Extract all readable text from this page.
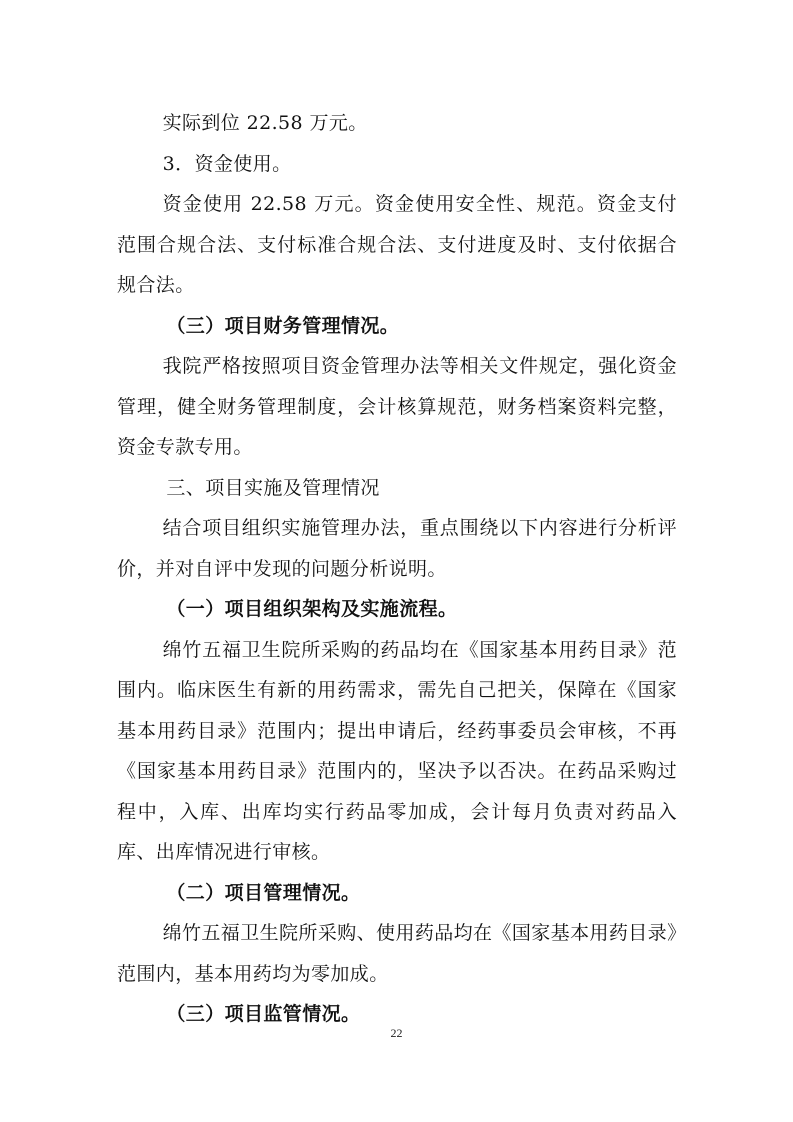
实际到位 22.58 万元。

3．资金使用。

资金使用 22.58 万元。资金使用安全性、规范。资金支付范围合规合法、支付标准合规合法、支付进度及时、支付依据合规合法。

（三）项目财务管理情况。

我院严格按照项目资金管理办法等相关文件规定，强化资金管理，健全财务管理制度，会计核算规范，财务档案资料完整，资金专款专用。

三、项目实施及管理情况

结合项目组织实施管理办法，重点围绕以下内容进行分析评价，并对自评中发现的问题分析说明。

（一）项目组织架构及实施流程。

绵竹五福卫生院所采购的药品均在《国家基本用药目录》范围内。临床医生有新的用药需求，需先自己把关，保障在《国家基本用药目录》范围内；提出申请后，经药事委员会审核，不再《国家基本用药目录》范围内的，坚决予以否决。在药品采购过程中，入库、出库均实行药品零加成，会计每月负责对药品入库、出库情况进行审核。

（二）项目管理情况。

绵竹五福卫生院所采购、使用药品均在《国家基本用药目录》范围内，基本用药均为零加成。

（三）项目监管情况。

22
